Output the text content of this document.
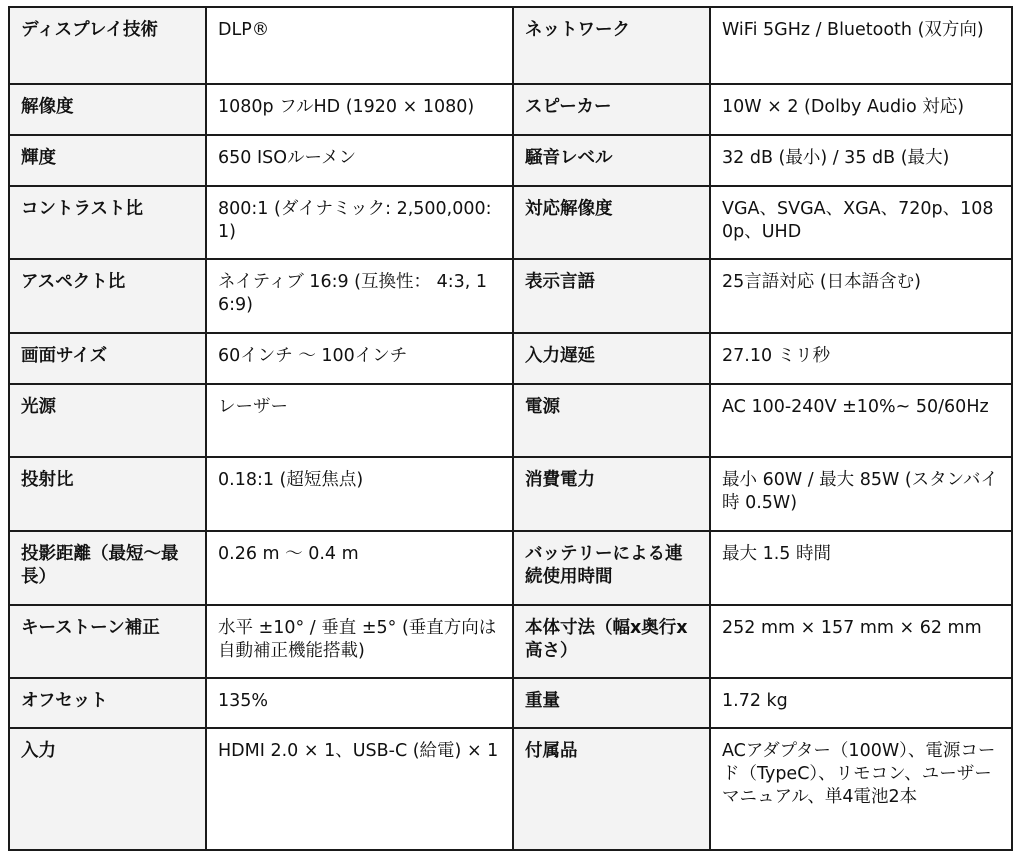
ディスプレイ技術	DLP®	ネットワーク	WiFi 5GHz / Bluetooth (双方向)
解像度	1080p フルHD (1920 × 1080)	スピーカー	10W × 2 (Dolby Audio 対応)
輝度	650 ISOルーメン	騒音レベル	32 dB (最小) / 35 dB (最大)
コントラスト比	800:1 (ダイナミック: 2,500,000:1)	対応解像度	VGA、SVGA、XGA、720p、1080p、UHD
アスペクト比	ネイティブ 16:9 (互換性： 4:3, 16:9)	表示言語	25言語対応 (日本語含む)
画面サイズ	60インチ 〜 100インチ	入力遅延	27.10 ミリ秒
光源	レーザー	電源	AC 100-240V ±10%~ 50/60Hz
投射比	0.18:1 (超短焦点)	消費電力	最小 60W / 最大 85W (スタンバイ時 0.5W)
投影距離（最短〜最長）	0.26 m 〜 0.4 m	バッテリーによる連続使用時間	最大 1.5 時間
キーストーン補正	水平 ±10° / 垂直 ±5° (垂直方向は自動補正機能搭載)	本体寸法（幅x奥行x高さ）	252 mm × 157 mm × 62 mm
オフセット	135%	重量	1.72 kg
入力	HDMI 2.0 × 1、USB-C (給電) × 1	付属品	ACアダプター（100W）、電源コード（TypeC）、リモコン、ユーザーマニュアル、単4電池2本
